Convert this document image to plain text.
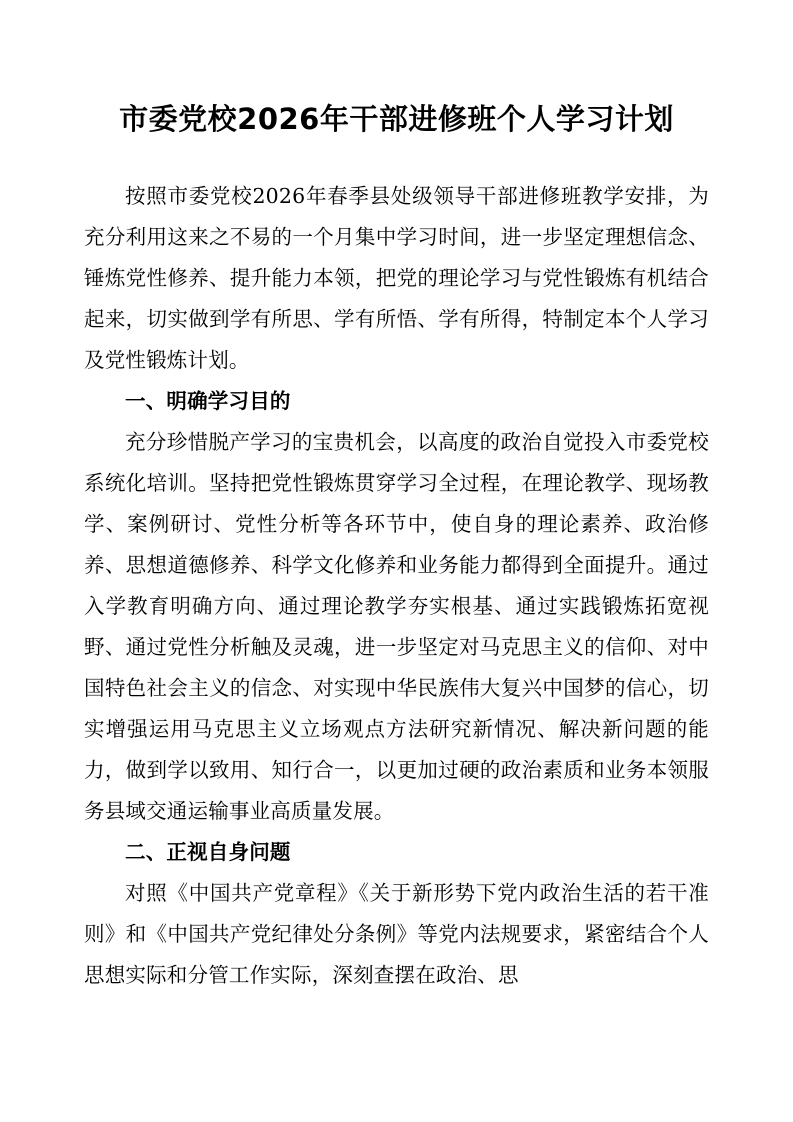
市委党校2026年干部进修班个人学习计划

按照市委党校2026年春季县处级领导干部进修班教学安排，为充分利用这来之不易的一个月集中学习时间，进一步坚定理想信念、锤炼党性修养、提升能力本领，把党的理论学习与党性锻炼有机结合起来，切实做到学有所思、学有所悟、学有所得，特制定本个人学习及党性锻炼计划。

一、明确学习目的

充分珍惜脱产学习的宝贵机会，以高度的政治自觉投入市委党校系统化培训。坚持把党性锻炼贯穿学习全过程，在理论教学、现场教学、案例研讨、党性分析等各环节中，使自身的理论素养、政治修养、思想道德修养、科学文化修养和业务能力都得到全面提升。通过入学教育明确方向、通过理论教学夯实根基、通过实践锻炼拓宽视野、通过党性分析触及灵魂，进一步坚定对马克思主义的信仰、对中国特色社会主义的信念、对实现中华民族伟大复兴中国梦的信心，切实增强运用马克思主义立场观点方法研究新情况、解决新问题的能力，做到学以致用、知行合一，以更加过硬的政治素质和业务本领服务县域交通运输事业高质量发展。

二、正视自身问题

对照《中国共产党章程》《关于新形势下党内政治生活的若干准则》和《中国共产党纪律处分条例》等党内法规要求，紧密结合个人思想实际和分管工作实际，深刻查摆在政治、思
